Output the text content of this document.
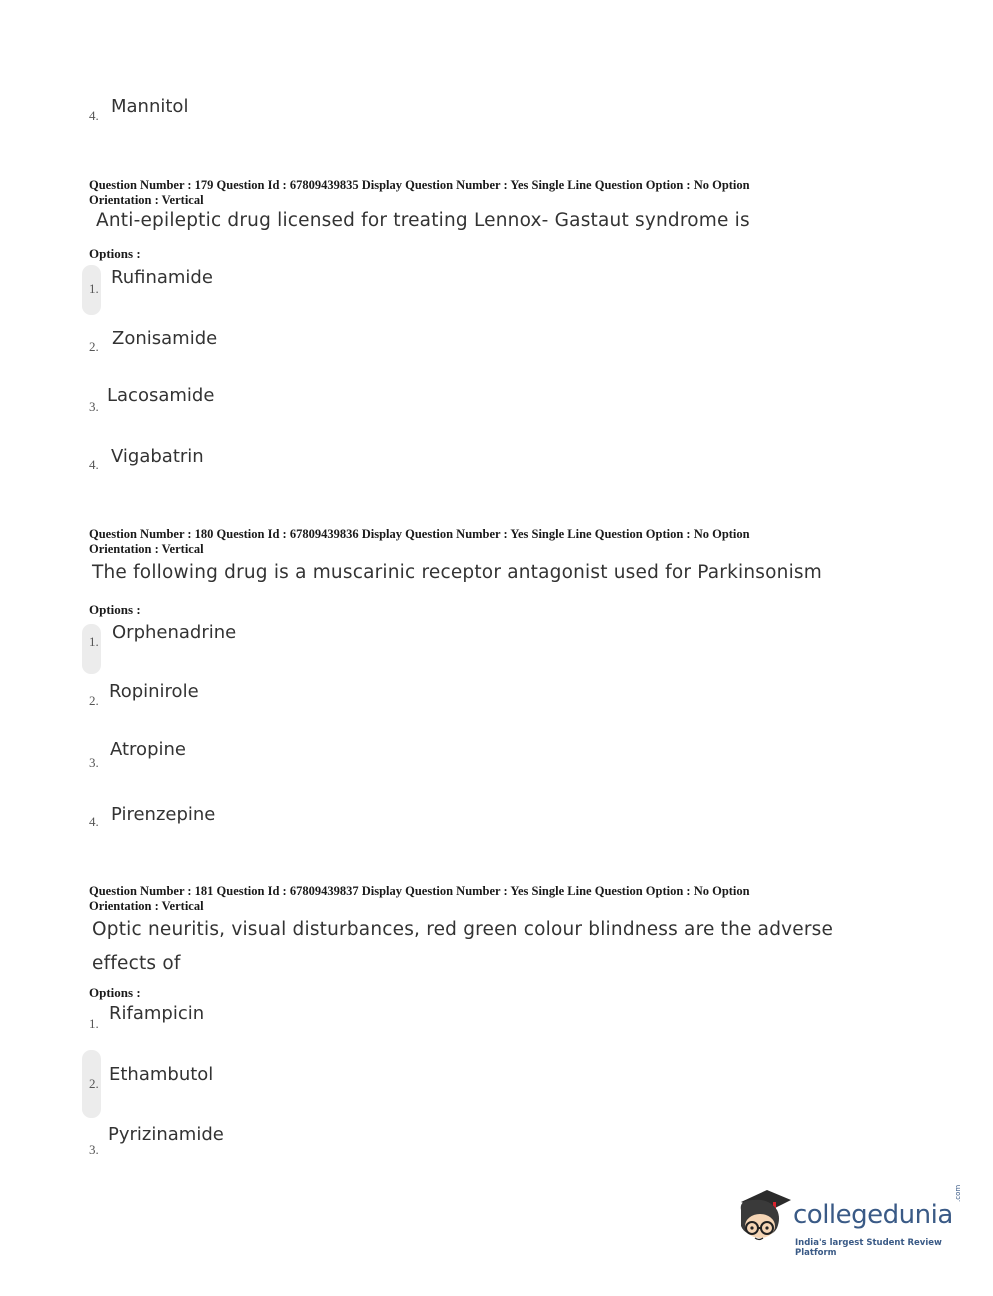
4. Mannitol
Question Number : 179 Question Id : 67809439835 Display Question Number : Yes Single Line Question Option : No Option
Orientation : Vertical
Anti-epileptic drug licensed for treating Lennox- Gastaut syndrome is
Options :
1.
Rufinamide
2. Zonisamide
3.
Lacosamide
4. Vigabatrin
Question Number : 180 Question Id : 67809439836 Display Question Number : Yes Single Line Question Option : No Option
Orientation : Vertical
The following drug is a muscarinic receptor antagonist used for Parkinsonism
Options :
1. Orphenadrine
2. Ropinirole
3.
Atropine
4. Pirenzepine
Question Number : 181 Question Id : 67809439837 Display Question Number : Yes Single Line Question Option : No Option
Orientation : Vertical
Optic neuritis, visual disturbances, red green colour blindness are the adverse
effects of
Options :
1. Rifampicin
2. Ethambutol
3.
Pyrizinamide
collegedunia
.com
India's largest Student Review Platform
